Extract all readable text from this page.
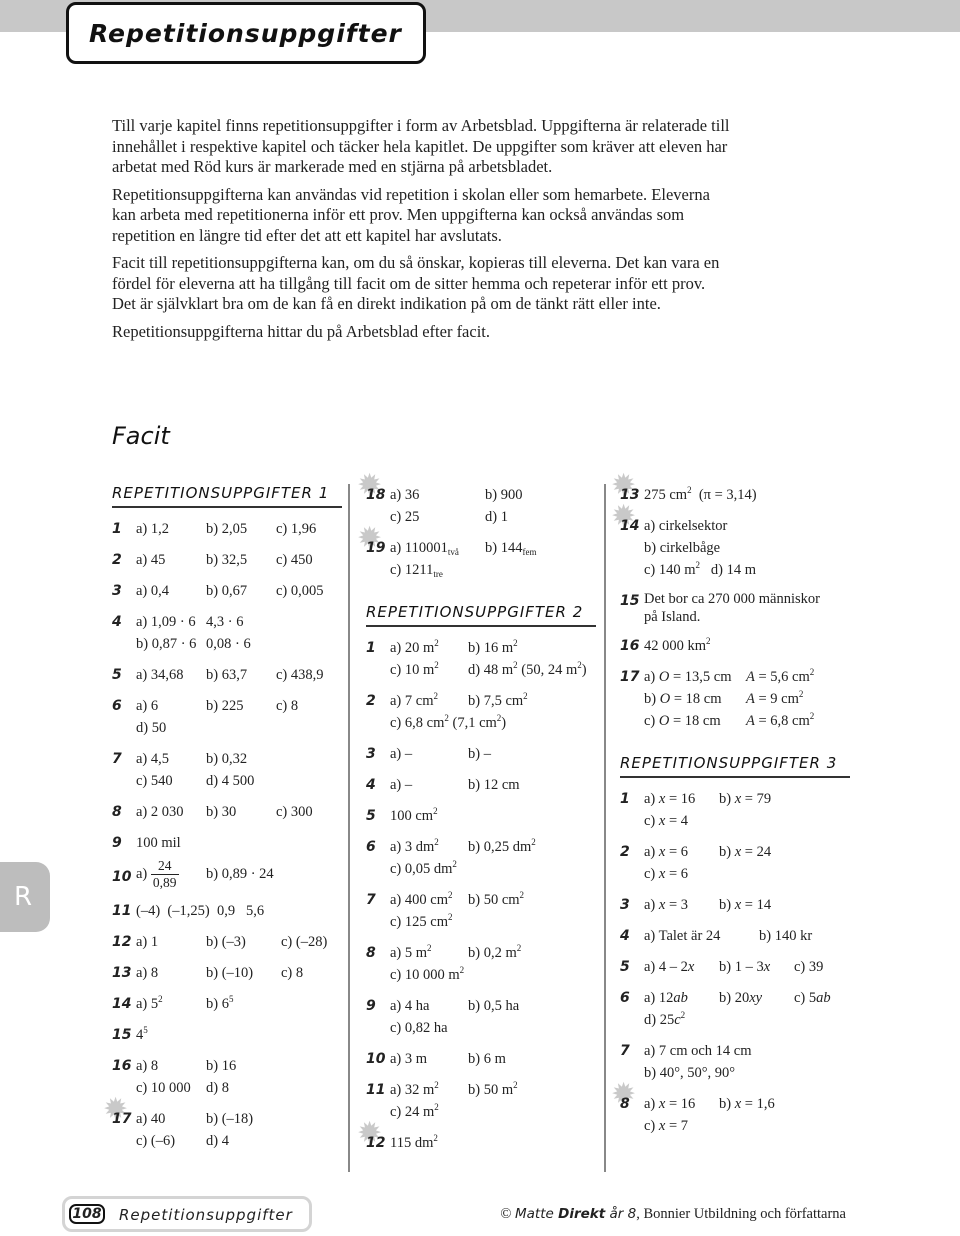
Repetitionsuppgifter

Till varje kapitel finns repetitionsuppgifter i form av Arbetsblad. Uppgifterna är relaterade till innehållet i respektive kapitel och täcker hela kapitlet. De uppgifter som kräver att eleven har arbetat med Röd kurs är markerade med en stjärna på arbetsbladet.

Repetitionsuppgifterna kan användas vid repetition i skolan eller som hemarbete. Eleverna kan arbeta med repetitionerna inför ett prov. Men uppgifterna kan också användas som repetition en längre tid efter det att ett kapitel har avslutats.

Facit till repetitionsuppgifterna kan, om du så önskar, kopieras till eleverna. Det kan vara en fördel för eleverna att ha tillgång till facit om de sitter hemma och repeterar inför ett prov. Det är självklart bra om de kan få en direkt indikation på om de tänkt rätt eller inte.

Repetitionsuppgifterna hittar du på Arbetsblad efter facit.

Facit
REPETITIONSUPPGIFTER 1
1 a) 1,2	b) 2,05 c) 1,96
2 a) 45	b) 32,5 c) 450
3 a) 0,4	b) 0,67 c) 0,005
4 a) 1,09 · 6 4,3 · 6
b) 0,87 · 6 0,08 · 6
5 a) 34,68 b) 63,7 c) 438,9
6 a) 6	b) 225 c) 8
d) 50
7 a) 4,5	b) 0,32
c) 540 d) 4 500
8 a) 2 030 b) 30	c) 300
9 100 mil
10 $a) \frac{24}{0,89} b$) 0,89 · 24
11 (–4)  (–1,25)  0,9   5,6
12 a) 1	b) (–3) c) (–28)
13 a) 8	b) (–10) c) 8
14 a) $5^2$	b) $6^5$
15 $4^5$
16 a) 8	b) 16
c) 10 000 d) 8
✹ 17 a) 40	b) (–18)
c) (–6) d) 4
✹ 18 a) 36	b) 900
c) 25	d) 1
✹ 19 a) $110001_{två}$ b) $144_{fem}$
c) $1211_{tre}$
REPETITIONSUPPGIFTER 2
1 a) 20 $m^2$ b) 16 $m^2$
c) 10 $m^2$ d) 48 $m^2$ (50, 24 $m^2$)
2 a) 7 $cm^2$ b) 7,5 $cm^2$
c) 6,8 $cm^2$ (7,1 $cm^2$)
3 a) –	b) –
4 a) –	b) 12 cm
5 100 $cm^2$
6 a) 3 $dm^2$ b) 0,25 $dm^2$
c) 0,05 $dm^2$
7 a) 400 $cm^2$ b) 50 $cm^2$
c) 125 $cm^2$
8 a) 5 $m^2$	b) 0,2 $m^2$
c) 10 000 $m^2$
9 a) 4 ha	b) 0,5 ha
c) 0,82 ha
10 a) 3 m	b) 6 m
11 a) 32 $m^2$ b) 50 $m^2$
c) 24 $m^2$
✹ 12 115 $dm^2$
✹ 13 275 $cm^2$  (π = 3,14)
✹ 14 a) cirkelsektor
b) cirkelbåge
c) 140 $m^2$   d) 14 m
15 Det bor ca 270 000 människor
på Island.
16 42 000 $km^2$
17 a) O = 13,5 cm A = 5,6 $cm^2$
b) O = 18 cm A = 9 $cm^2$
c) O = 18 cm A = 6,8 $cm^2$
REPETITIONSUPPGIFTER 3
1 a) x = 16 b) x = 79
c) x = 4
2 a) x = 6 b) x = 24
c) x = 6
3 a) x = 3 b) x = 14
4 a) Talet är 24	b) 140 kr
5 a) 4 – 2x b) 1 – 3x c) 39
6 a) 12ab b) 20xy c) 5ab
d) $25c^2$
7 a) 7 cm och 14 cm
b) 40°, 50°, 90°
✹ 8 a) x = 16 b) x = 1,6
c) x = 7
R
108 Repetitionsuppgifter	© Matte Direkt år 8, Bonnier Utbildning och författarna
